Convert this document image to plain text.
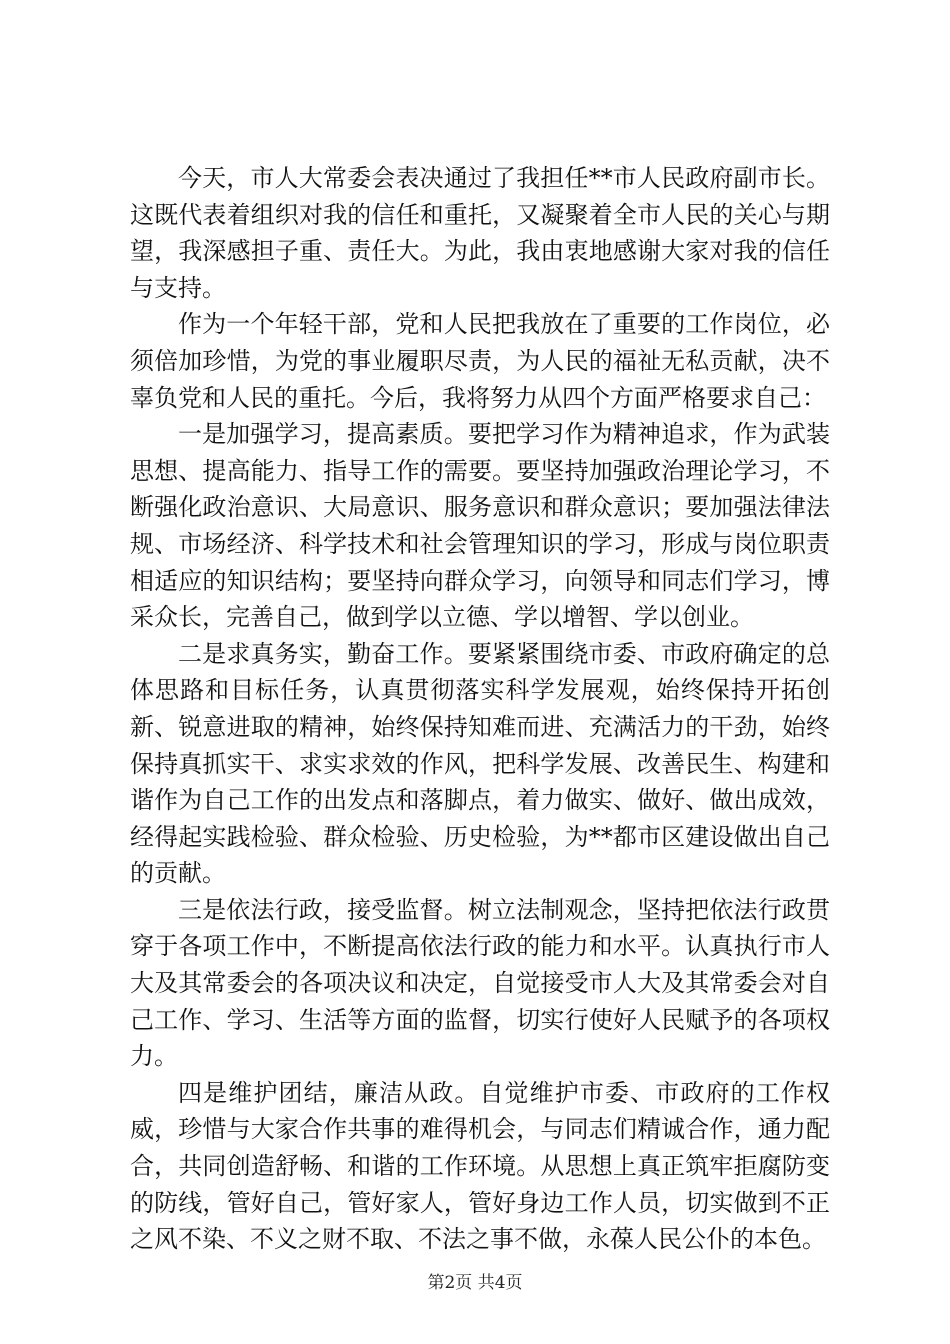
今天，市人大常委会表决通过了我担任**市人民政府副市长。这既代表着组织对我的信任和重托，又凝聚着全市人民的关心与期望，我深感担子重、责任大。为此，我由衷地感谢大家对我的信任与支持。

作为一个年轻干部，党和人民把我放在了重要的工作岗位，必须倍加珍惜，为党的事业履职尽责，为人民的福祉无私贡献，决不辜负党和人民的重托。今后，我将努力从四个方面严格要求自己：

一是加强学习，提高素质。要把学习作为精神追求，作为武装思想、提高能力、指导工作的需要。要坚持加强政治理论学习，不断强化政治意识、大局意识、服务意识和群众意识；要加强法律法规、市场经济、科学技术和社会管理知识的学习，形成与岗位职责相适应的知识结构；要坚持向群众学习，向领导和同志们学习，博采众长，完善自己，做到学以立德、学以增智、学以创业。

二是求真务实，勤奋工作。要紧紧围绕市委、市政府确定的总体思路和目标任务，认真贯彻落实科学发展观，始终保持开拓创新、锐意进取的精神，始终保持知难而进、充满活力的干劲，始终保持真抓实干、求实求效的作风，把科学发展、改善民生、构建和谐作为自己工作的出发点和落脚点，着力做实、做好、做出成效，经得起实践检验、群众检验、历史检验，为**都市区建设做出自己的贡献。

三是依法行政，接受监督。树立法制观念，坚持把依法行政贯穿于各项工作中，不断提高依法行政的能力和水平。认真执行市人大及其常委会的各项决议和决定，自觉接受市人大及其常委会对自己工作、学习、生活等方面的监督，切实行使好人民赋予的各项权力。

四是维护团结，廉洁从政。自觉维护市委、市政府的工作权威，珍惜与大家合作共事的难得机会，与同志们精诚合作，通力配合，共同创造舒畅、和谐的工作环境。从思想上真正筑牢拒腐防变的防线，管好自己，管好家人，管好身边工作人员，切实做到不正之风不染、不义之财不取、不法之事不做，永葆人民公仆的本色。

第2页 共4页
